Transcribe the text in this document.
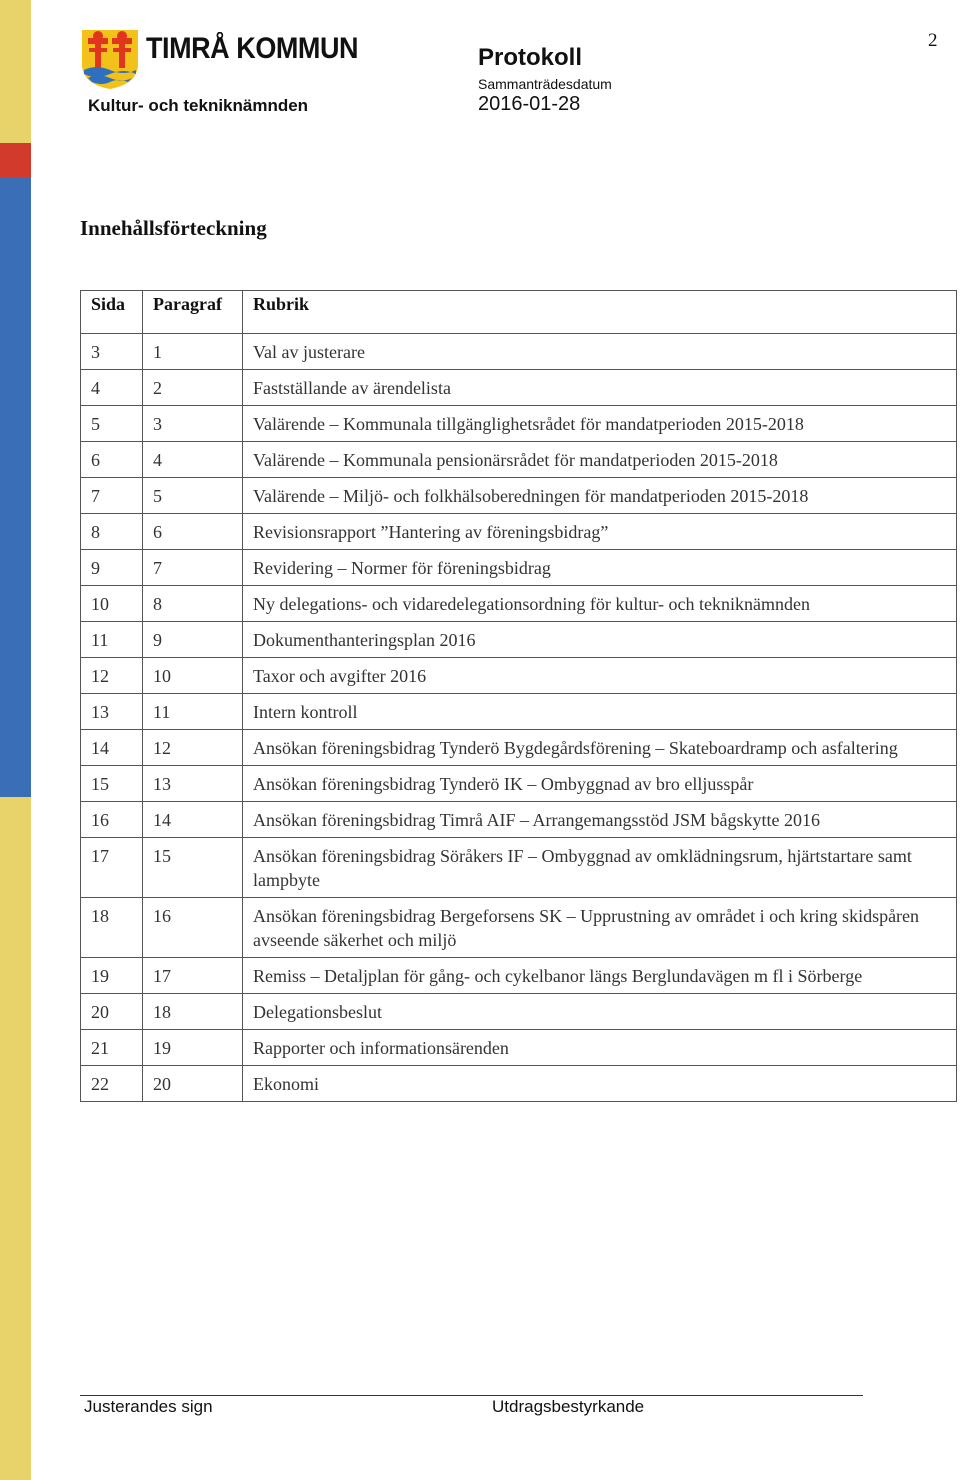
TIMRÅ KOMMUN
Kultur- och tekniknämnden
Protokoll
Sammanträdesdatum
2016-01-28
2
Innehållsförteckning
Sida	Paragraf	Rubrik
3	1	Val av justerare
4	2	Fastställande av ärendelista
5	3	Valärende – Kommunala tillgänglighetsrådet för mandatperioden 2015-2018
6	4	Valärende – Kommunala pensionärsrådet för mandatperioden 2015-2018
7	5	Valärende – Miljö- och folkhälsoberedningen för mandatperioden 2015-2018
8	6	Revisionsrapport ”Hantering av föreningsbidrag”
9	7	Revidering – Normer för föreningsbidrag
10	8	Ny delegations- och vidaredelegationsordning för kultur- och tekniknämnden
11	9	Dokumenthanteringsplan 2016
12	10	Taxor och avgifter 2016
13	11	Intern kontroll
14	12	Ansökan föreningsbidrag Tynderö Bygdegårdsförening – Skateboardramp och asfaltering
15	13	Ansökan föreningsbidrag Tynderö IK – Ombyggnad av bro elljusspår
16	14	Ansökan föreningsbidrag Timrå AIF – Arrangemangsstöd JSM bågskytte 2016
17	15	Ansökan föreningsbidrag Söråkers IF – Ombyggnad av omklädningsrum, hjärtstartare samt lampbyte
18	16	Ansökan föreningsbidrag Bergeforsens SK – Upprustning av området i och kring skidspåren avseende säkerhet och miljö
19	17	Remiss – Detaljplan för gång- och cykelbanor längs Berglundavägen m fl i Sörberge
20	18	Delegationsbeslut
21	19	Rapporter och informationsärenden
22	20	Ekonomi
Justerandes sign	Utdragsbestyrkande
